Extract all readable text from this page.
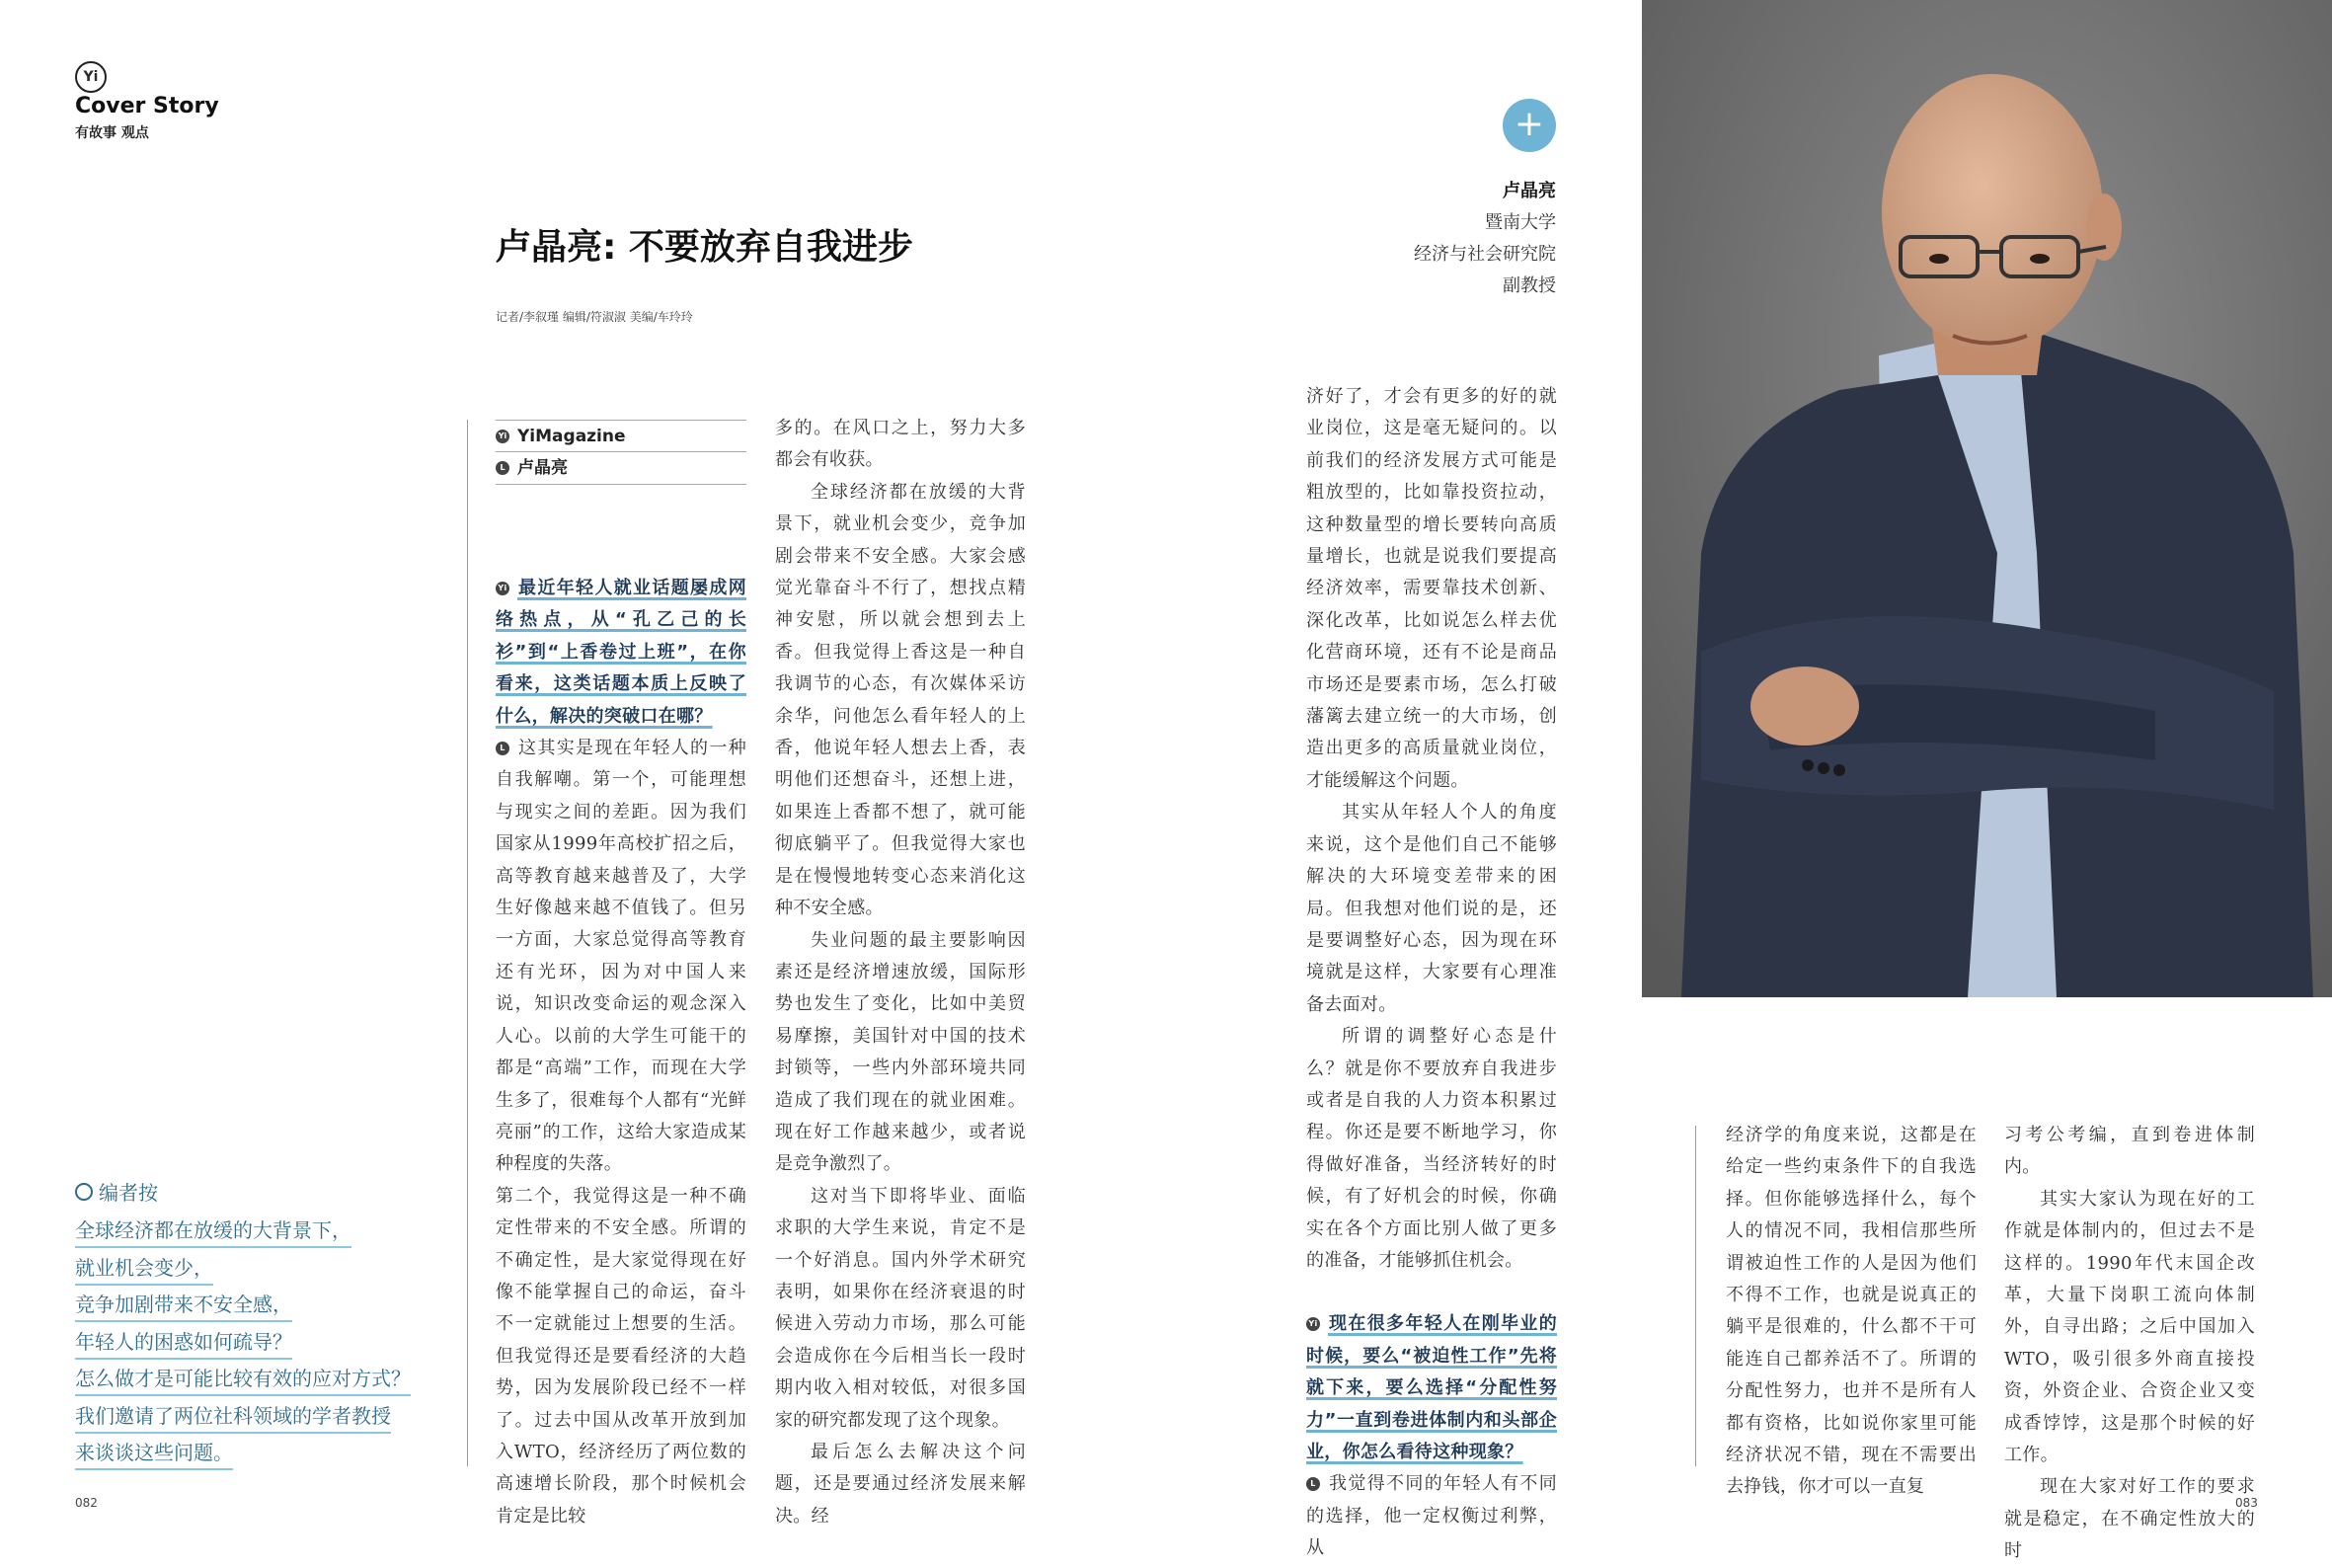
Yi
Cover Story
有故事 观点
卢晶亮: 不要放弃自我进步
记者/李叙瑾 编辑/符淑淑 美编/车玲玲
Yi YiMagazine
L 卢晶亮

Yi 最近年轻人就业话题屡成网络热点，从“孔乙己的长衫”到“上香卷过上班”，在你看来，这类话题本质上反映了什么，解决的突破口在哪？

L 这其实是现在年轻人的一种自我解嘲。第一个，可能理想与现实之间的差距。因为我们国家从1999年高校扩招之后，高等教育越来越普及了，大学生好像越来越不值钱了。但另一方面，大家总觉得高等教育还有光环，因为对中国人来说，知识改变命运的观念深入人心。以前的大学生可能干的都是“高端”工作，而现在大学生多了，很难每个人都有“光鲜亮丽”的工作，这给大家造成某种程度的失落。

第二个，我觉得这是一种不确定性带来的不安全感。所谓的不确定性，是大家觉得现在好像不能掌握自己的命运，奋斗不一定就能过上想要的生活。但我觉得还是要看经济的大趋势，因为发展阶段已经不一样了。过去中国从改革开放到加入WTO，经济经历了两位数的高速增长阶段，那个时候机会肯定是比较

多的。在风口之上，努力大多都会有收获。

全球经济都在放缓的大背景下，就业机会变少，竞争加剧会带来不安全感。大家会感觉光靠奋斗不行了，想找点精神安慰，所以就会想到去上香。但我觉得上香这是一种自我调节的心态，有次媒体采访余华，问他怎么看年轻人的上香，他说年轻人想去上香，表明他们还想奋斗，还想上进，如果连上香都不想了，就可能彻底躺平了。但我觉得大家也是在慢慢地转变心态来消化这种不安全感。

失业问题的最主要影响因素还是经济增速放缓，国际形势也发生了变化，比如中美贸易摩擦，美国针对中国的技术封锁等，一些内外部环境共同造成了我们现在的就业困难。现在好工作越来越少，或者说是竞争激烈了。

这对当下即将毕业、面临求职的大学生来说，肯定不是一个好消息。国内外学术研究表明，如果你在经济衰退的时候进入劳动力市场，那么可能会造成你在今后相当长一段时期内收入相对较低，对很多国家的研究都发现了这个现象。

最后怎么去解决这个问题，还是要通过经济发展来解决。经

+
卢晶亮
暨南大学
经济与社会研究院
副教授

济好了，才会有更多的好的就业岗位，这是毫无疑问的。以前我们的经济发展方式可能是粗放型的，比如靠投资拉动，这种数量型的增长要转向高质量增长，也就是说我们要提高经济效率，需要靠技术创新、深化改革，比如说怎么样去优化营商环境，还有不论是商品市场还是要素市场，怎么打破藩篱去建立统一的大市场，创造出更多的高质量就业岗位，才能缓解这个问题。

其实从年轻人个人的角度来说，这个是他们自己不能够解决的大环境变差带来的困局。但我想对他们说的是，还是要调整好心态，因为现在环境就是这样，大家要有心理准备去面对。

所谓的调整好心态是什么？就是你不要放弃自我进步或者是自我的人力资本积累过程。你还是要不断地学习，你得做好准备，当经济转好的时候，有了好机会的时候，你确实在各个方面比别人做了更多的准备，才能够抓住机会。

Yi 现在很多年轻人在刚毕业的时候，要么“被迫性工作”先将就下来，要么选择“分配性努力”一直到卷进体制内和头部企业，你怎么看待这种现象？

L 我觉得不同的年轻人有不同的选择，他一定权衡过利弊，从

经济学的角度来说，这都是在给定一些约束条件下的自我选择。但你能够选择什么，每个人的情况不同，我相信那些所谓被迫性工作的人是因为他们不得不工作，也就是说真正的躺平是很难的，什么都不干可能连自己都养活不了。所谓的分配性努力，也并不是所有人都有资格，比如说你家里可能经济状况不错，现在不需要出去挣钱，你才可以一直复

习考公考编，直到卷进体制内。

其实大家认为现在好的工作就是体制内的，但过去不是这样的。1990年代末国企改革，大量下岗职工流向体制外，自寻出路；之后中国加入WTO，吸引很多外商直接投资，外资企业、合资企业又变成香饽饽，这是那个时候的好工作。

现在大家对好工作的要求就是稳定，在不确定性放大的时

编者按
全球经济都在放缓的大背景下，
就业机会变少，
竞争加剧带来不安全感，
年轻人的困惑如何疏导？
怎么做才是可能比较有效的应对方式？
我们邀请了两位社科领域的学者教授
来谈谈这些问题。
082	083
